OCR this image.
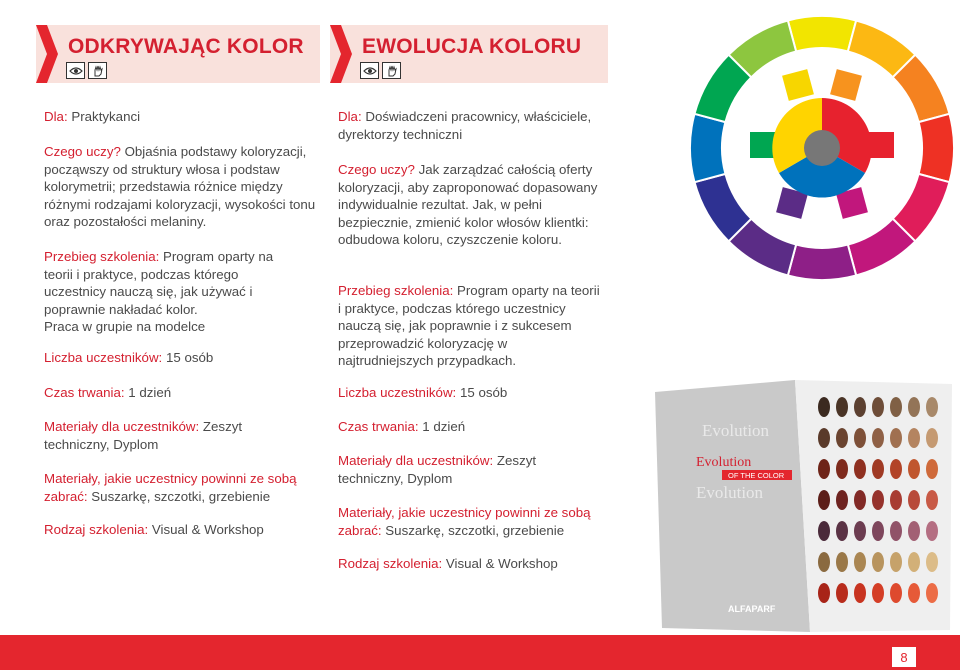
ODKRYWAJĄC KOLOR	EWOLUCJA KOLORU

Dla: Praktykanci

Czego uczy? Objaśnia podstawy koloryzacji, począwszy od struktury włosa i podstaw kolorymetrii; przedstawia różnice między różnymi rodzajami koloryzacji, wysokości tonu oraz pozostałości melaniny.

Przebieg szkolenia: Program oparty na teorii i praktyce, podczas którego uczestnicy nauczą się, jak używać i poprawnie nakładać kolor.
Praca w grupie na modelce

Liczba uczestników: 15 osób

Czas trwania: 1 dzień

Materiały dla uczestników: Zeszyt techniczny, Dyplom

Materiały, jakie uczestnicy powinni ze sobą zabrać: Suszarkę, szczotki, grzebienie

Rodzaj szkolenia: Visual & Workshop

Dla: Doświadczeni pracownicy, właściciele, dyrektorzy techniczni

Czego uczy? Jak zarządzać całością oferty koloryzacji, aby zaproponować dopasowany indywidualnie rezultat. Jak, w pełni bezpiecznie, zmienić kolor włosów klientki: odbudowa koloru, czyszczenie koloru.

Przebieg szkolenia: Program oparty na teorii i praktyce, podczas którego uczestnicy nauczą się, jak poprawnie i z sukcesem przeprowadzić koloryzację w najtrudniejszych przypadkach.

Liczba uczestników: 15 osób

Czas trwania: 1 dzień

Materiały dla uczestników: Zeszyt techniczny, Dyplom

Materiały, jakie uczestnicy powinni ze sobą zabrać: Suszarkę, szczotki, grzebienie

Rodzaj szkolenia: Visual & Workshop

Evolution
Evolution
Evolution
OF THE COLOR
ALFAPARF
8
